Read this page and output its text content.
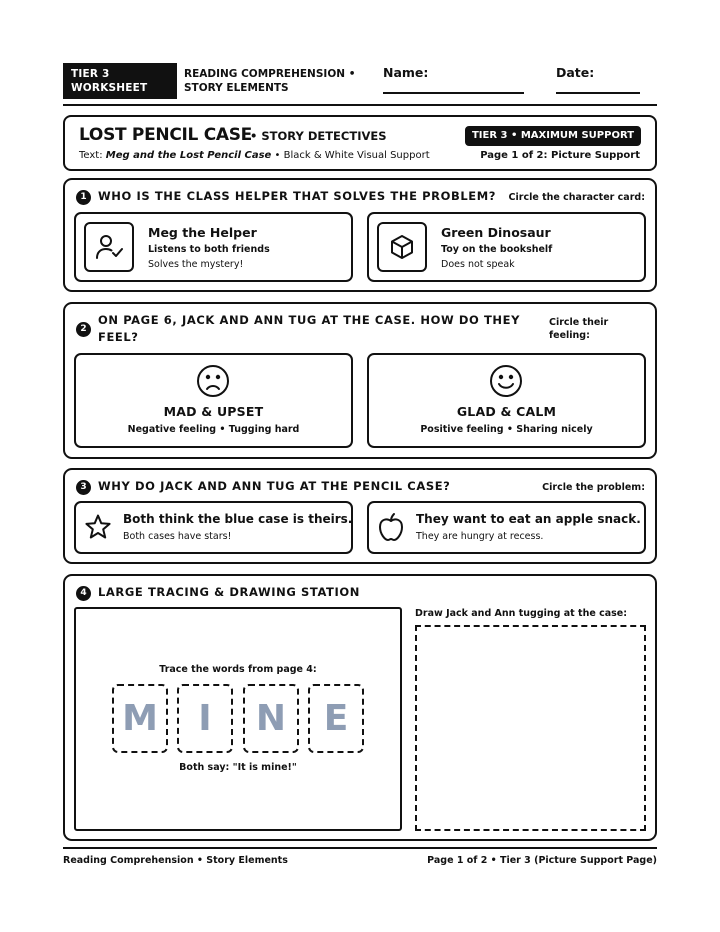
TIER 3
WORKSHEET
READING COMPREHENSION • STORY ELEMENTS
Name:	Date:
LOST PENCIL CASE
• STORY DETECTIVES
Text: Meg and the Lost Pencil Case • Black & White Visual Support
TIER 3 • MAXIMUM SUPPORT
Page 1 of 2: Picture Support
1 WHO IS THE CLASS HELPER THAT SOLVES THE PROBLEM?	Circle the character card:
Meg the Helper
Listens to both friends
Solves the mystery!
Green Dinosaur
Toy on the bookshelf
Does not speak
2
ON PAGE 6, JACK AND ANN TUG AT THE CASE. HOW DO THEY
FEEL?
Circle their
feeling:
MAD & UPSET
Negative feeling • Tugging hard
GLAD & CALM
Positive feeling • Sharing nicely
3 WHY DO JACK AND ANN TUG AT THE PENCIL CASE?	Circle the problem:
Both think the blue case is theirs.
Both cases have stars!
They want to eat an apple snack.
They are hungry at recess.
4 LARGE TRACING & DRAWING STATION
Trace the words from page 4:
M	I	N	E
Both say: "It is mine!"
Draw Jack and Ann tugging at the case:
Reading Comprehension • Story Elements	Page 1 of 2 • Tier 3 (Picture Support Page)
